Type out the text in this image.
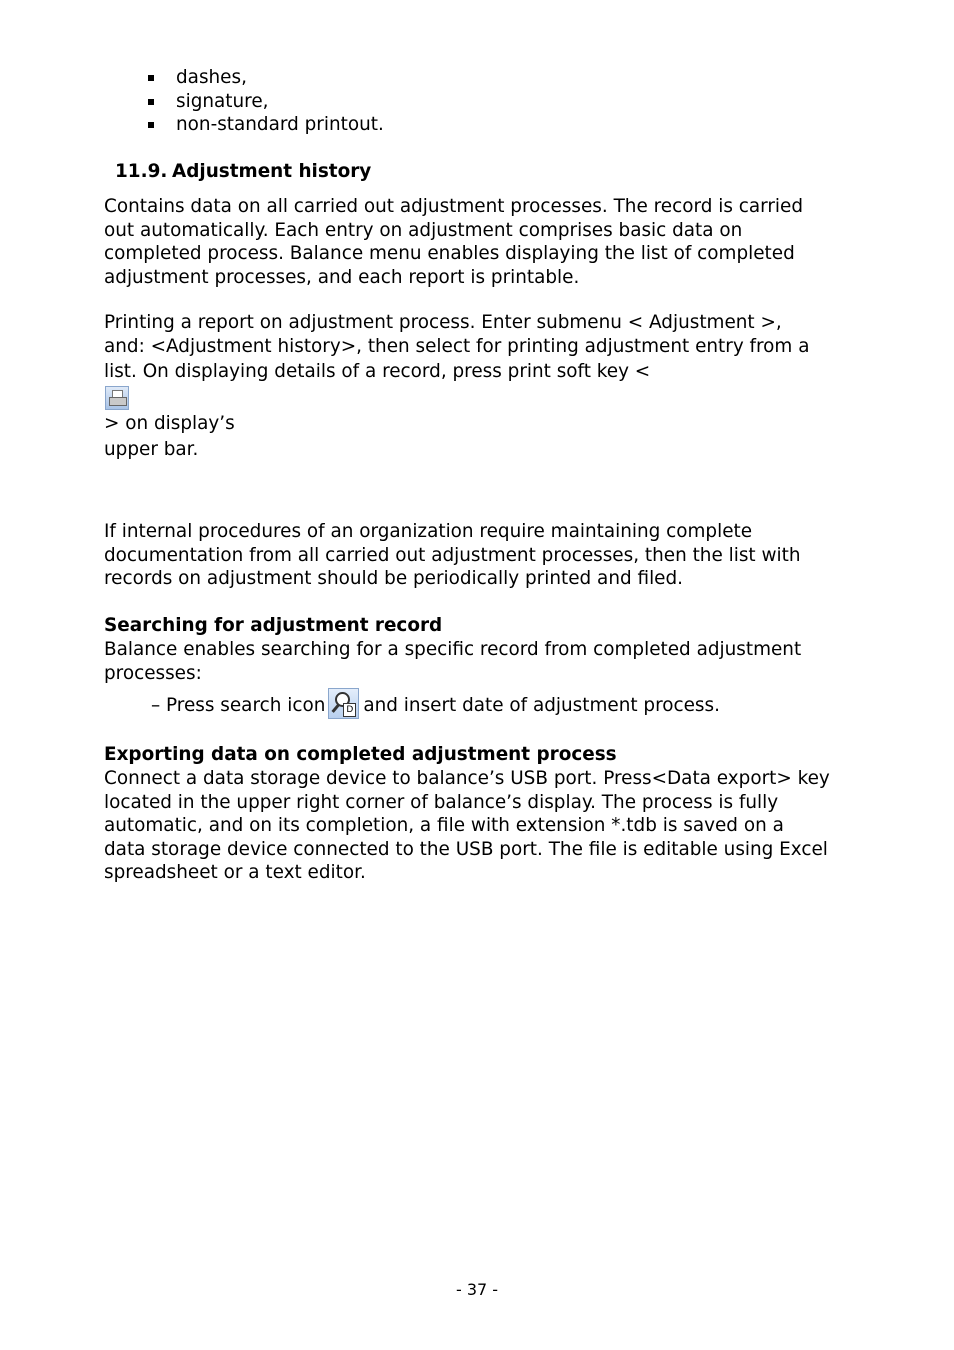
dashes,
signature,
non-standard printout.
11.9. Adjustment history
Contains data on all carried out adjustment processes. The record is carried
out automatically. Each entry on adjustment comprises basic data on
completed process. Balance menu enables displaying the list of completed
adjustment processes, and each report is printable.
Printing a report on adjustment process. Enter submenu < Adjustment >,
and: <Adjustment history>, then select for printing adjustment entry from a
list. On displaying details of a record, press print soft key <
> on display’s
upper bar.
If internal procedures of an organization require maintaining complete
documentation from all carried out adjustment processes, then the list with
records on adjustment should be periodically printed and filed.
Searching for adjustment record
Balance enables searching for a specific record from completed adjustment
processes:
– Press search icon	D and insert date of adjustment process.
Exporting data on completed adjustment process
Connect a data storage device to balance’s USB port. Press<Data export> key
located in the upper right corner of balance’s display. The process is fully
automatic, and on its completion, a file with extension *.tdb is saved on a
data storage device connected to the USB port. The file is editable using Excel
spreadsheet or a text editor.
- 37 -
